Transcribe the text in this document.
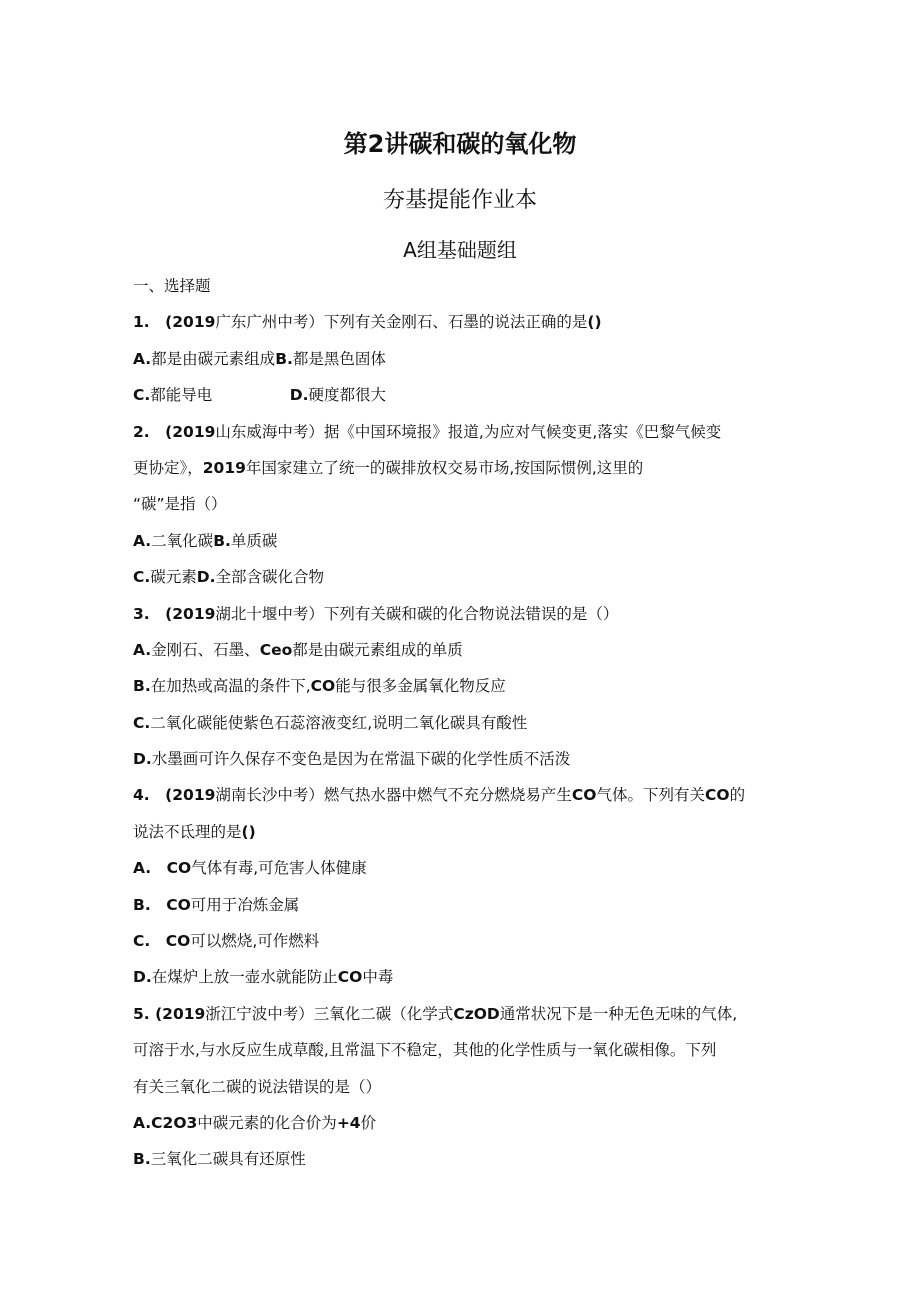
第2讲碳和碳的氧化物
夯基提能作业本
A组基础题组
一、选择题
1.　(2019广东广州中考）下列有关金刚石、石墨的说法正确的是()
A.都是由碳元素组成B.都是黑色固体
C.都能导电　　　　　D.硬度都很大
2.　(2019山东威海中考）据《中国环境报》报道,为应对气候变更,落实《巴黎气候变
更协定》，2019年国家建立了统一的碳排放权交易市场,按国际惯例,这里的
“碳”是指（）
A.二氧化碳B.单质碳
C.碳元素D.全部含碳化合物
3.　(2019湖北十堰中考）下列有关碳和碳的化合物说法错误的是（）
A.金刚石、石墨、Ceo都是由碳元素组成的单质
B.在加热或高温的条件下,CO能与很多金属氧化物反应
C.二氧化碳能使紫色石蕊溶液变红,说明二氧化碳具有酸性
D.水墨画可许久保存不变色是因为在常温下碳的化学性质不活泼
4.　(2019湖南长沙中考）燃气热水器中燃气不充分燃烧易产生CO气体。下列有关CO的
说法不氐理的是()
A.　CO气体有毒,可危害人体健康
B.　CO可用于冶炼金属
C.　CO可以燃烧,可作燃料
D.在煤炉上放一壶水就能防止CO中毒
5. (2019浙江宁波中考）三氧化二碳（化学式CzOD通常状况下是一种无色无味的气体,
可溶于水,与水反应生成草酸,且常温下不稳定，其他的化学性质与一氧化碳相像。下列
有关三氧化二碳的说法错误的是（）
A.C2O3中碳元素的化合价为+4价
B.三氧化二碳具有还原性
